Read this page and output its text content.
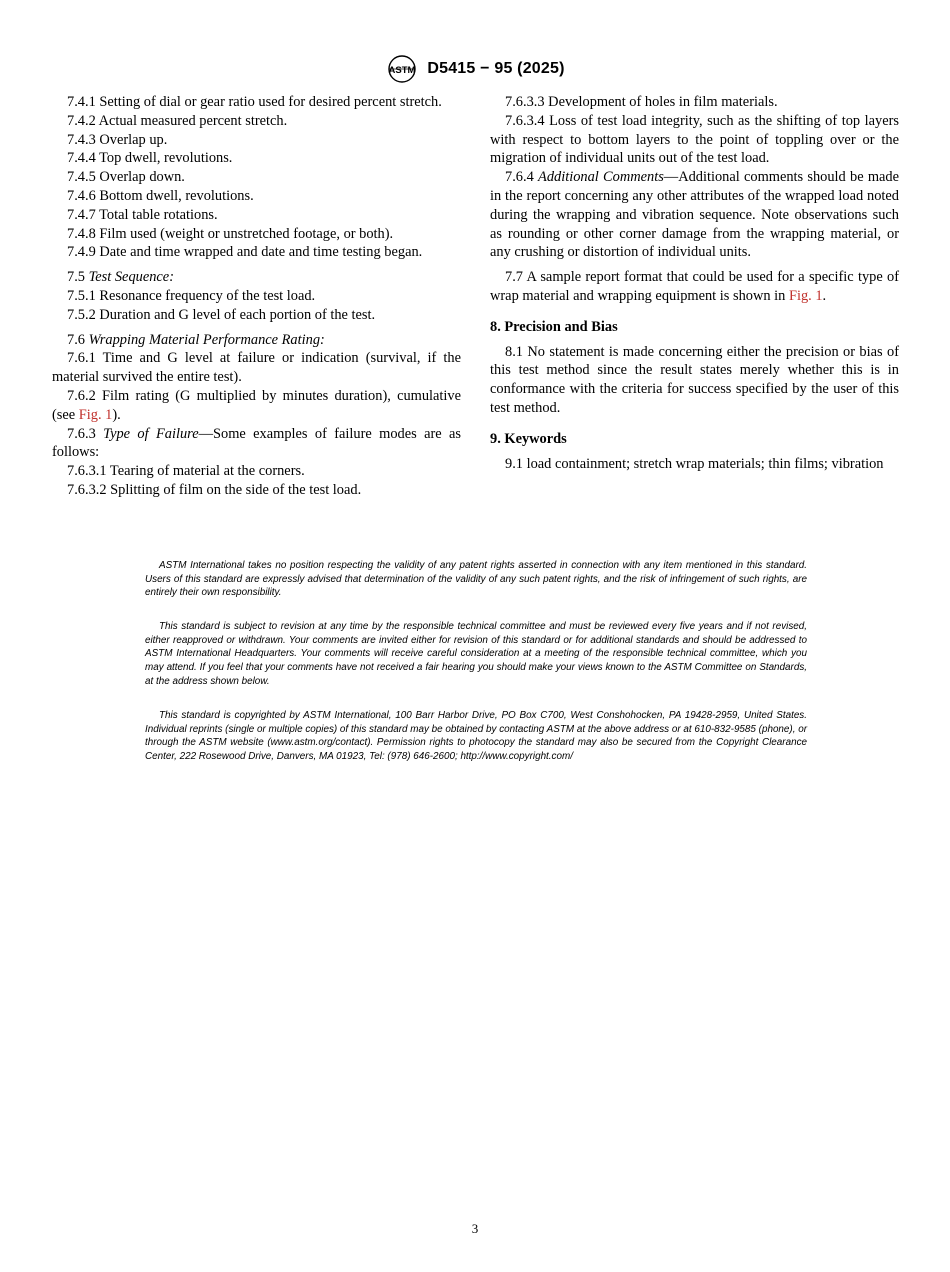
ASTM D5415 − 95 (2025)

7.4.1 Setting of dial or gear ratio used for desired percent stretch.

7.4.2 Actual measured percent stretch.

7.4.3 Overlap up.

7.4.4 Top dwell, revolutions.

7.4.5 Overlap down.

7.4.6 Bottom dwell, revolutions.

7.4.7 Total table rotations.

7.4.8 Film used (weight or unstretched footage, or both).

7.4.9 Date and time wrapped and date and time testing began.

7.5 Test Sequence:

7.5.1 Resonance frequency of the test load.

7.5.2 Duration and G level of each portion of the test.

7.6 Wrapping Material Performance Rating:

7.6.1 Time and G level at failure or indication (survival, if the material survived the entire test).

7.6.2 Film rating (G multiplied by minutes duration), cumulative (see Fig. 1).

7.6.3 Type of Failure—Some examples of failure modes are as follows:

7.6.3.1 Tearing of material at the corners.

7.6.3.2 Splitting of film on the side of the test load.

7.6.3.3 Development of holes in film materials.

7.6.3.4 Loss of test load integrity, such as the shifting of top layers with respect to bottom layers to the point of toppling over or the migration of individual units out of the test load.

7.6.4 Additional Comments—Additional comments should be made in the report concerning any other attributes of the wrapped load noted during the wrapping and vibration sequence. Note observations such as rounding or other corner damage from the wrapping material, or any crushing or distortion of individual units.

7.7 A sample report format that could be used for a specific type of wrap material and wrapping equipment is shown in Fig. 1.

8. Precision and Bias

8.1 No statement is made concerning either the precision or bias of this test method since the result states merely whether this is in conformance with the criteria for success specified by the user of this test method.

9. Keywords

9.1 load containment; stretch wrap materials; thin films; vibration

ASTM International takes no position respecting the validity of any patent rights asserted in connection with any item mentioned in this standard. Users of this standard are expressly advised that determination of the validity of any such patent rights, and the risk of infringement of such rights, are entirely their own responsibility.

This standard is subject to revision at any time by the responsible technical committee and must be reviewed every five years and if not revised, either reapproved or withdrawn. Your comments are invited either for revision of this standard or for additional standards and should be addressed to ASTM International Headquarters. Your comments will receive careful consideration at a meeting of the responsible technical committee, which you may attend. If you feel that your comments have not received a fair hearing you should make your views known to the ASTM Committee on Standards, at the address shown below.

This standard is copyrighted by ASTM International, 100 Barr Harbor Drive, PO Box C700, West Conshohocken, PA 19428-2959, United States. Individual reprints (single or multiple copies) of this standard may be obtained by contacting ASTM at the above address or at 610-832-9585 (phone), or through the ASTM website (www.astm.org/contact). Permission rights to photocopy the standard may also be secured from the Copyright Clearance Center, 222 Rosewood Drive, Danvers, MA 01923, Tel: (978) 646-2600; http://www.copyright.com/

3
